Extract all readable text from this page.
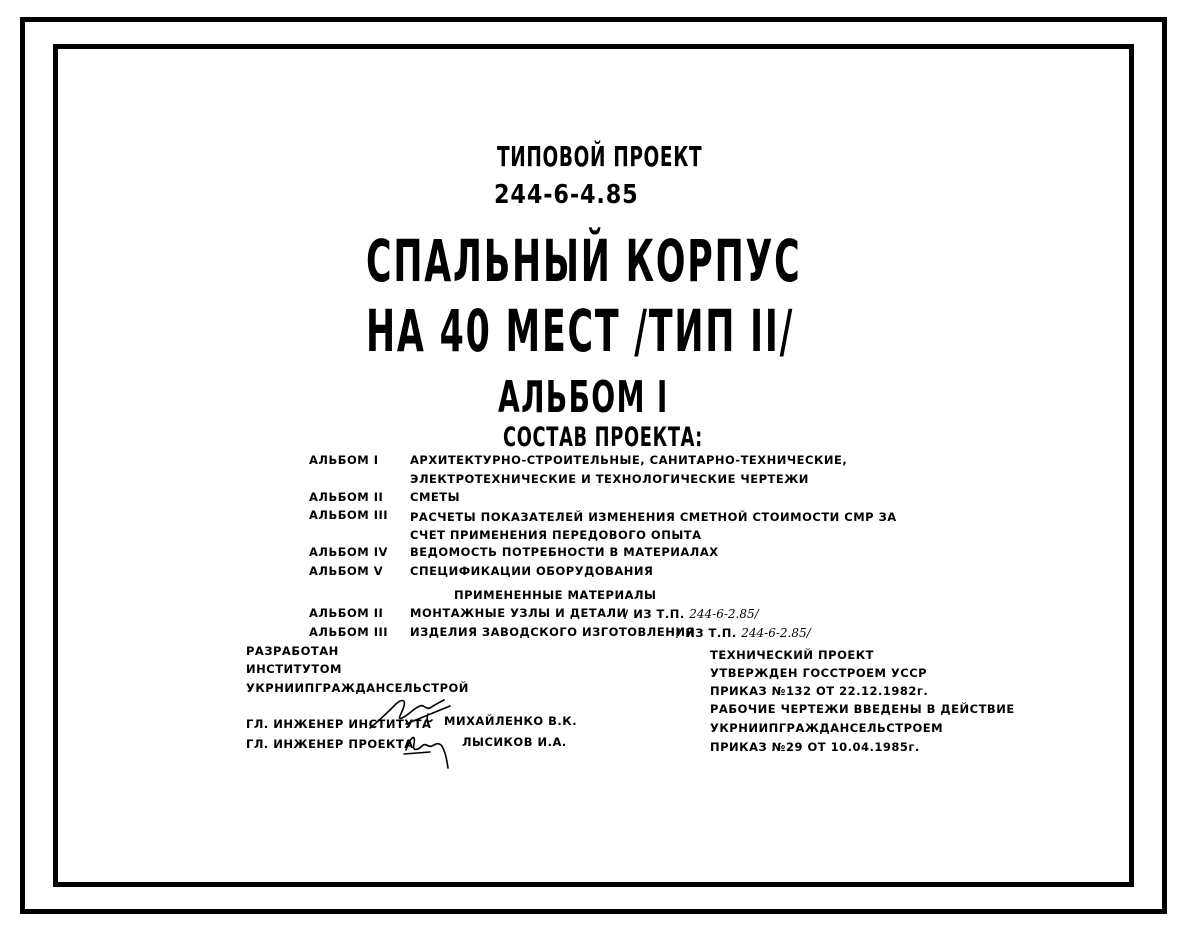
ТИПОВОЙ ПРОЕКТ
244-6-4.85
СПАЛЬНЫЙ КОРПУС
НА 40 МЕСТ /ТИП II/
АЛЬБОМ I
СОСТАВ ПРОЕКТА:
АЛЬБОМ I	АРХИТЕКТУРНО-СТРОИТЕЛЬНЫЕ, САНИТАРНО-ТЕХНИЧЕСКИЕ,
ЭЛЕКТРОТЕХНИЧЕСКИЕ И ТЕХНОЛОГИЧЕСКИЕ ЧЕРТЕЖИ
АЛЬБОМ II СМЕТЫ
АЛЬБОМ III РАСЧЕТЫ ПОКАЗАТЕЛЕЙ ИЗМЕНЕНИЯ СМЕТНОЙ СТОИМОСТИ СМР ЗА
СЧЕТ ПРИМЕНЕНИЯ ПЕРЕДОВОГО ОПЫТА
АЛЬБОМ IV ВЕДОМОСТЬ ПОТРЕБНОСТИ В МАТЕРИАЛАХ
АЛЬБОМ V СПЕЦИФИКАЦИИ ОБОРУДОВАНИЯ
ПРИМЕНЕННЫЕ МАТЕРИАЛЫ
АЛЬБОМ II МОНТАЖНЫЕ УЗЛЫ И ДЕТАЛИ
/ ИЗ Т.П. 244-6-2.85/
АЛЬБОМ III ИЗДЕЛИЯ ЗАВОДСКОГО ИЗГОТОВЛЕНИЯ
/ ИЗ Т.П. 244-6-2.85/
РАЗРАБОТАН
ИНСТИТУТОМ
УКРНИИПГРАЖДАНСЕЛЬСТРОЙ
ГЛ. ИНЖЕНЕР ИНСТИТУТА МИХАЙЛЕНКО В.К.
ГЛ. ИНЖЕНЕР ПРОЕКТА	ЛЫСИКОВ И.А.
ТЕХНИЧЕСКИЙ ПРОЕКТ
УТВЕРЖДЕН ГОССТРОЕМ УССР
ПРИКАЗ №132 ОТ 22.12.1982г.
РАБОЧИЕ ЧЕРТЕЖИ ВВЕДЕНЫ В ДЕЙСТВИЕ
УКРНИИПГРАЖДАНСЕЛЬСТРОЕМ
ПРИКАЗ №29 ОТ 10.04.1985г.
